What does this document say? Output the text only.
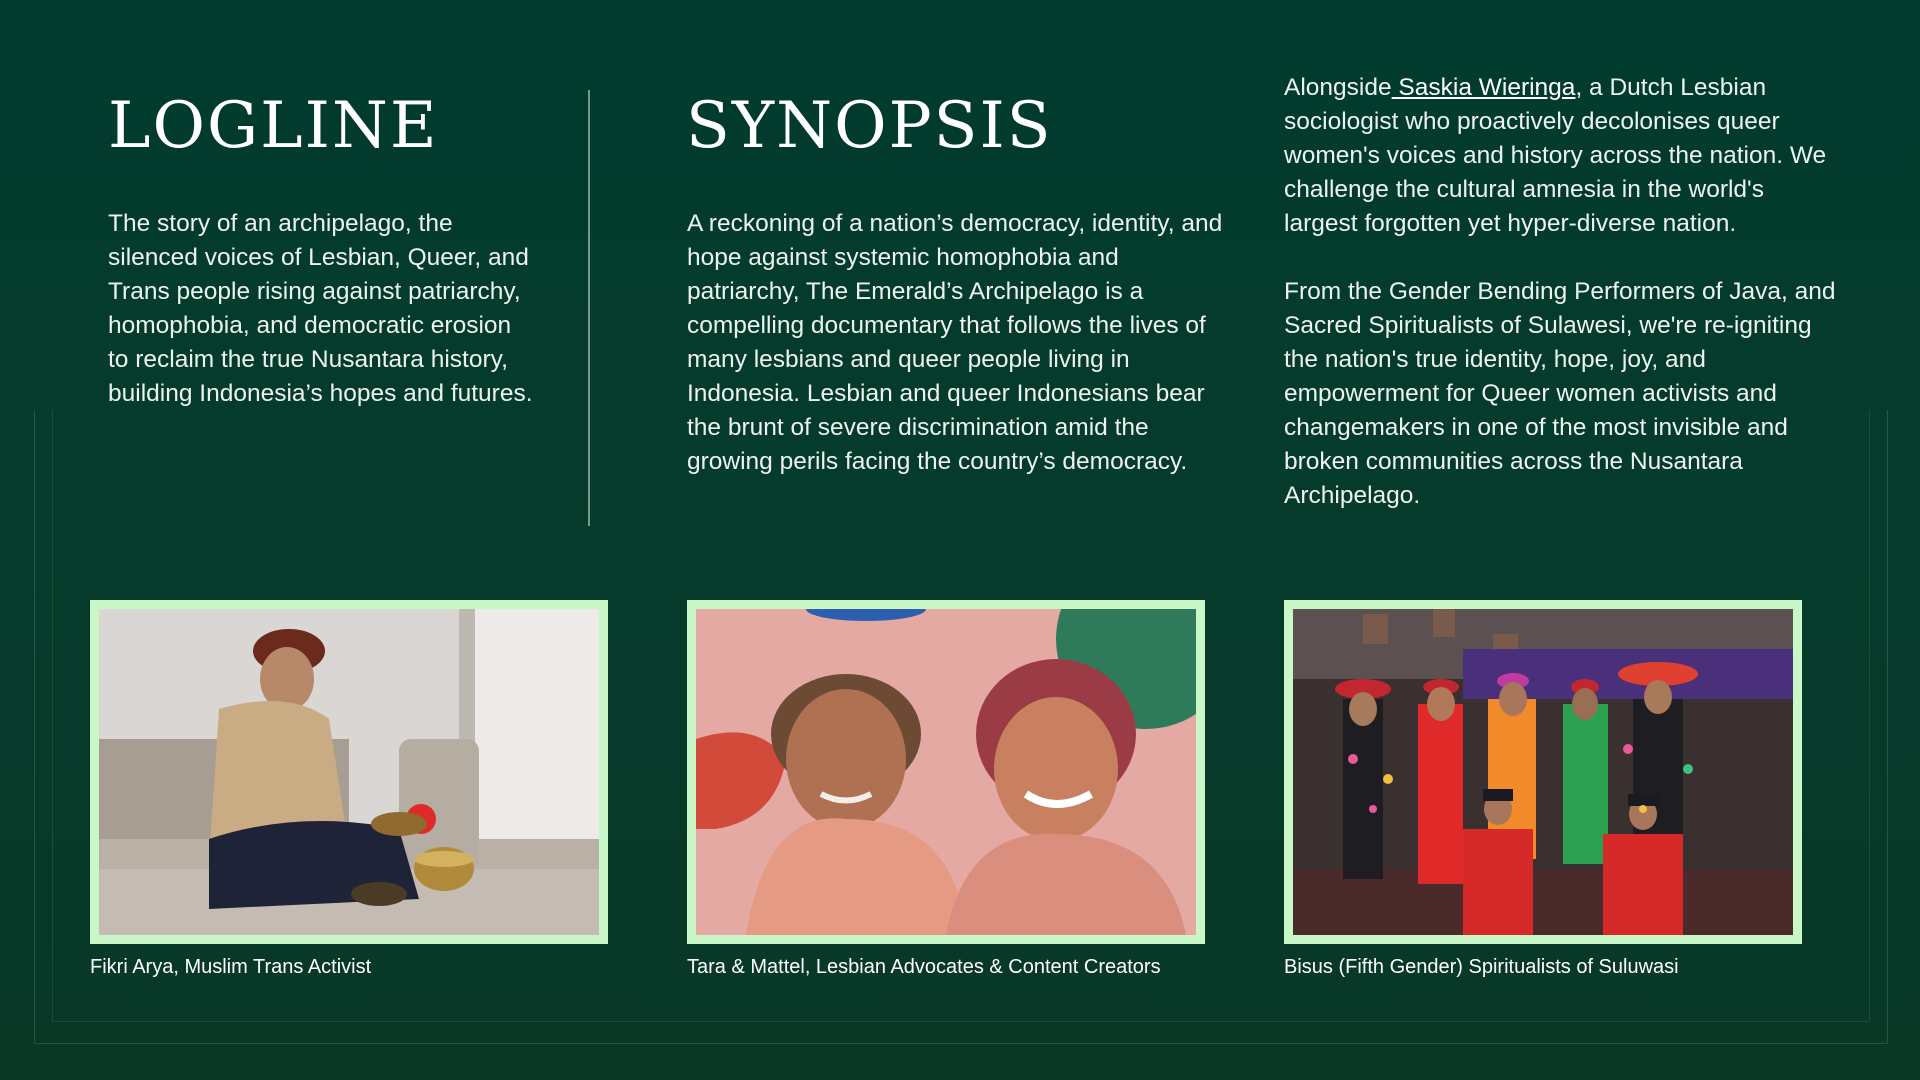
LOGLINE

The story of an archipelago, the silenced voices of Lesbian, Queer, and Trans people rising against patriarchy, homophobia, and democratic erosion to reclaim the true Nusantara history, building Indonesia’s hopes and futures.

SYNOPSIS

A reckoning of a nation’s democracy, identity, and hope against systemic homophobia and patriarchy, The Emerald’s Archipelago is a compelling documentary that follows the lives of many lesbians and queer people living in Indonesia. Lesbian and queer Indonesians bear the brunt of severe discrimination amid the growing perils facing the country’s democracy.

Alongside Saskia Wieringa, a Dutch Lesbian sociologist who proactively decolonises queer women's voices and history across the nation. We challenge the cultural amnesia in the world's largest forgotten yet hyper-diverse nation.

From the Gender Bending Performers of Java, and Sacred Spiritualists of Sulawesi, we're re-igniting the nation's true identity, hope, joy, and empowerment for Queer women activists and changemakers in one of the most invisible and broken communities across the Nusantara Archipelago.

Fikri Arya, Muslim Trans Activist	Tara & Mattel, Lesbian Advocates & Content Creators	Bisus (Fifth Gender) Spiritualists of Suluwasi
